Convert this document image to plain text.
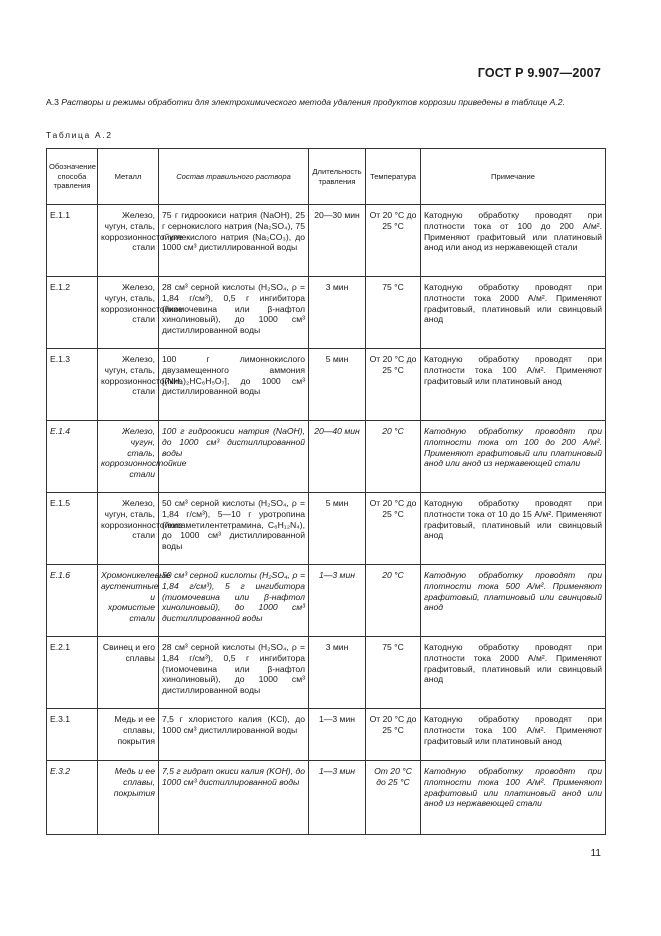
ГОСТ Р 9.907—2007
А.3 Растворы и режимы обработки для электрохимического метода удаления продуктов коррозии приведены в таблице А.2.
Таблица А.2
Обозначение способа травления	Металл	Состав травильного раствора	Длительность травления	Температура	Примечание
Е.1.1	Железо, чугун, сталь, коррозионностойкие стали	75 г гидроокиси натрия (NaOH), 25 г сернокислого натрия (Na₂SO₄), 75 г углекислого натрия (Na₂CO₃), до 1000 см³ дистиллированной воды	20—30 мин	От 20 °С до 25 °С	Катодную обработку проводят при плотности тока от 100 до 200 А/м². Применяют графитовый или платиновый анод или анод из нержавеющей стали
Е.1.2	Железо, чугун, сталь, коррозионностойкие стали	28 см³ серной кислоты (H₂SO₄, ρ = 1,84 г/см³), 0,5 г ингибитора (тиомочевина или β-нафтол хинолиновый), до 1000 см³ дистиллированной воды	3 мин	75 °С	Катодную обработку проводят при плотности тока 2000 А/м². Применяют графитовый, платиновый или свинцовый анод
Е.1.3	Железо, чугун, сталь, коррозионностойкие стали	100 г лимоннокислого двузамещенного аммония [(NH₄)₂HC₆H₅O₇], до 1000 см³ дистиллированной воды	5 мин	От 20 °С до 25 °С	Катодную обработку проводят при плотности тока 100 А/м². Применяют графитовый или платиновый анод
Е.1.4	Железо, чугун, сталь, коррозионностойкие стали	100 г гидроокиси натрия (NaOH), до 1000 см³ дистиллированной воды	20—40 мин	20 °С	Катодную обработку проводят при плотности тока от 100 до 200 А/м². Применяют графитовый или платиновый анод или анод из нержавеющей стали
Е.1.5	Железо, чугун, сталь, коррозионностойкие стали	50 см³ серной кислоты (H₂SO₄, ρ = 1,84 г/см³), 5—10 г уротропина (гексаметилентетрамина, C₆H₁₂N₄), до 1000 см³ дистиллированной воды	5 мин	От 20 °С до 25 °С	Катодную обработку проводят при плотности тока от 10 до 15 А/м². Применяют графитовый, платиновый или свинцовый анод
Е.1.6	Хромоникелевые аустенитные и хромистые стали	50 см³ серной кислоты (H₂SO₄, ρ = 1,84 г/см³), 5 г ингибитора (тиомочевина или β-нафтол хинолиновый), до 1000 см³ дистиллированной воды	1—3 мин	20 °С	Катодную обработку проводят при плотности тока 500 А/м². Применяют графитовый, платиновый или свинцовый анод
Е.2.1	Свинец и его сплавы	28 см³ серной кислоты (H₂SO₄, ρ = 1,84 г/см³), 0,5 г ингибитора (тиомочевина или β-нафтол хинолиновый), до 1000 см³ дистиллированной воды	3 мин	75 °С	Катодную обработку проводят при плотности тока 2000 А/м². Применяют графитовый, платиновый или свинцовый анод
Е.3.1	Медь и ее сплавы, покрытия	7,5 г хлористого калия (KCl), до 1000 см³ дистиллированной воды	1—3 мин	От 20 °С до 25 °С	Катодную обработку проводят при плотности тока 100 А/м². Применяют графитовый или платиновый анод
Е.3.2	Медь и ее сплавы, покрытия	7,5 г гидрат окиси калия (KOH), до 1000 см³ дистиллированной воды	1—3 мин	От 20 °С до 25 °С	Катодную обработку проводят при плотности тока 100 А/м². Применяют графитовый или платиновый анод или анод из нержавеющей стали
11
